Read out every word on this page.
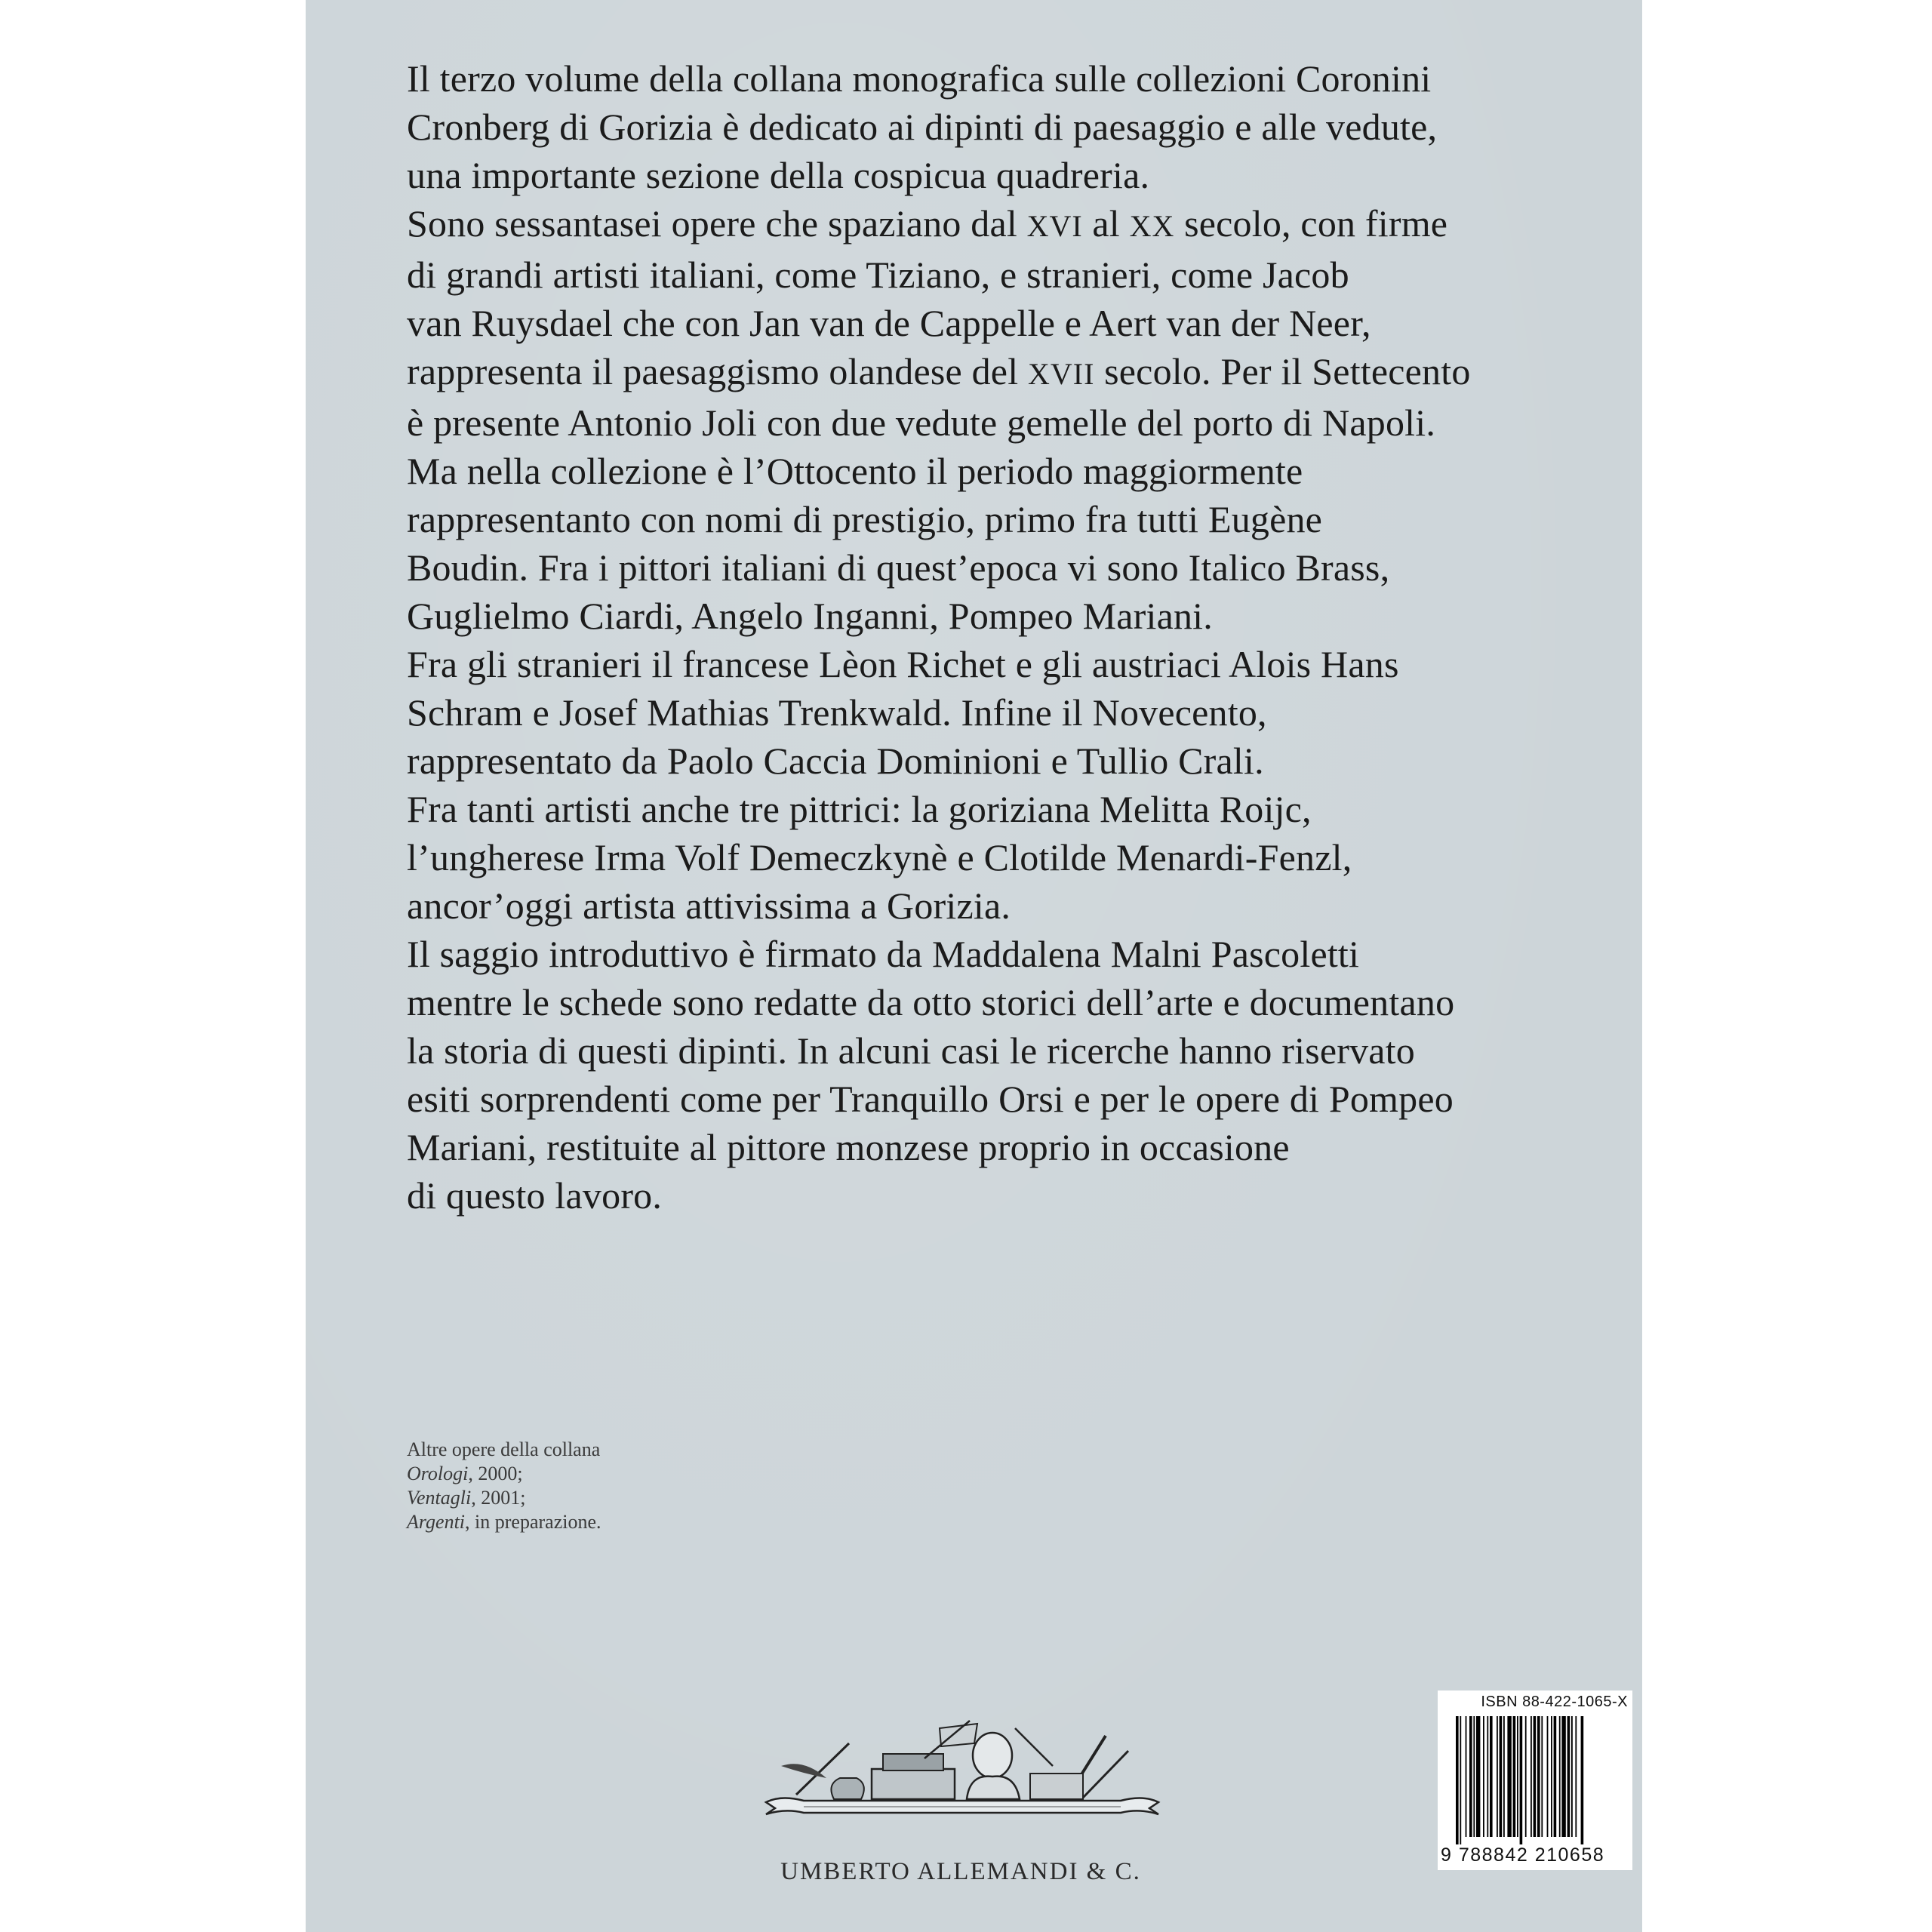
Il terzo volume della collana monografica sulle collezioni Coronini
Cronberg di Gorizia è dedicato ai dipinti di paesaggio e alle vedute,
una importante sezione della cospicua quadreria.
Sono sessantasei opere che spaziano dal XVI al XX secolo, con firme
di grandi artisti italiani, come Tiziano, e stranieri, come Jacob
van Ruysdael che con Jan van de Cappelle e Aert van der Neer,
rappresenta il paesaggismo olandese del XVII secolo. Per il Settecento
è presente Antonio Joli con due vedute gemelle del porto di Napoli.
Ma nella collezione è l’Ottocento il periodo maggiormente
rappresentanto con nomi di prestigio, primo fra tutti Eugène
Boudin. Fra i pittori italiani di quest’epoca vi sono Italico Brass,
Guglielmo Ciardi, Angelo Inganni, Pompeo Mariani.
Fra gli stranieri il francese Lèon Richet e gli austriaci Alois Hans
Schram e Josef Mathias Trenkwald. Infine il Novecento,
rappresentato da Paolo Caccia Dominioni e Tullio Crali.
Fra tanti artisti anche tre pittrici: la goriziana Melitta Roijc,
l’ungherese Irma Volf Demeczkynè e Clotilde Menardi-Fenzl,
ancor’oggi artista attivissima a Gorizia.
Il saggio introduttivo è firmato da Maddalena Malni Pascoletti
mentre le schede sono redatte da otto storici dell’arte e documentano
la storia di questi dipinti. In alcuni casi le ricerche hanno riservato
esiti sorprendenti come per Tranquillo Orsi e per le opere di Pompeo
Mariani, restituite al pittore monzese proprio in occasione
di questo lavoro.
Altre opere della collana
Orologi, 2000;
Ventagli, 2001;
Argenti, in preparazione.
UMBERTO ALLEMANDI & C.
ISBN 88-422-1065-X
9 788842 210658
